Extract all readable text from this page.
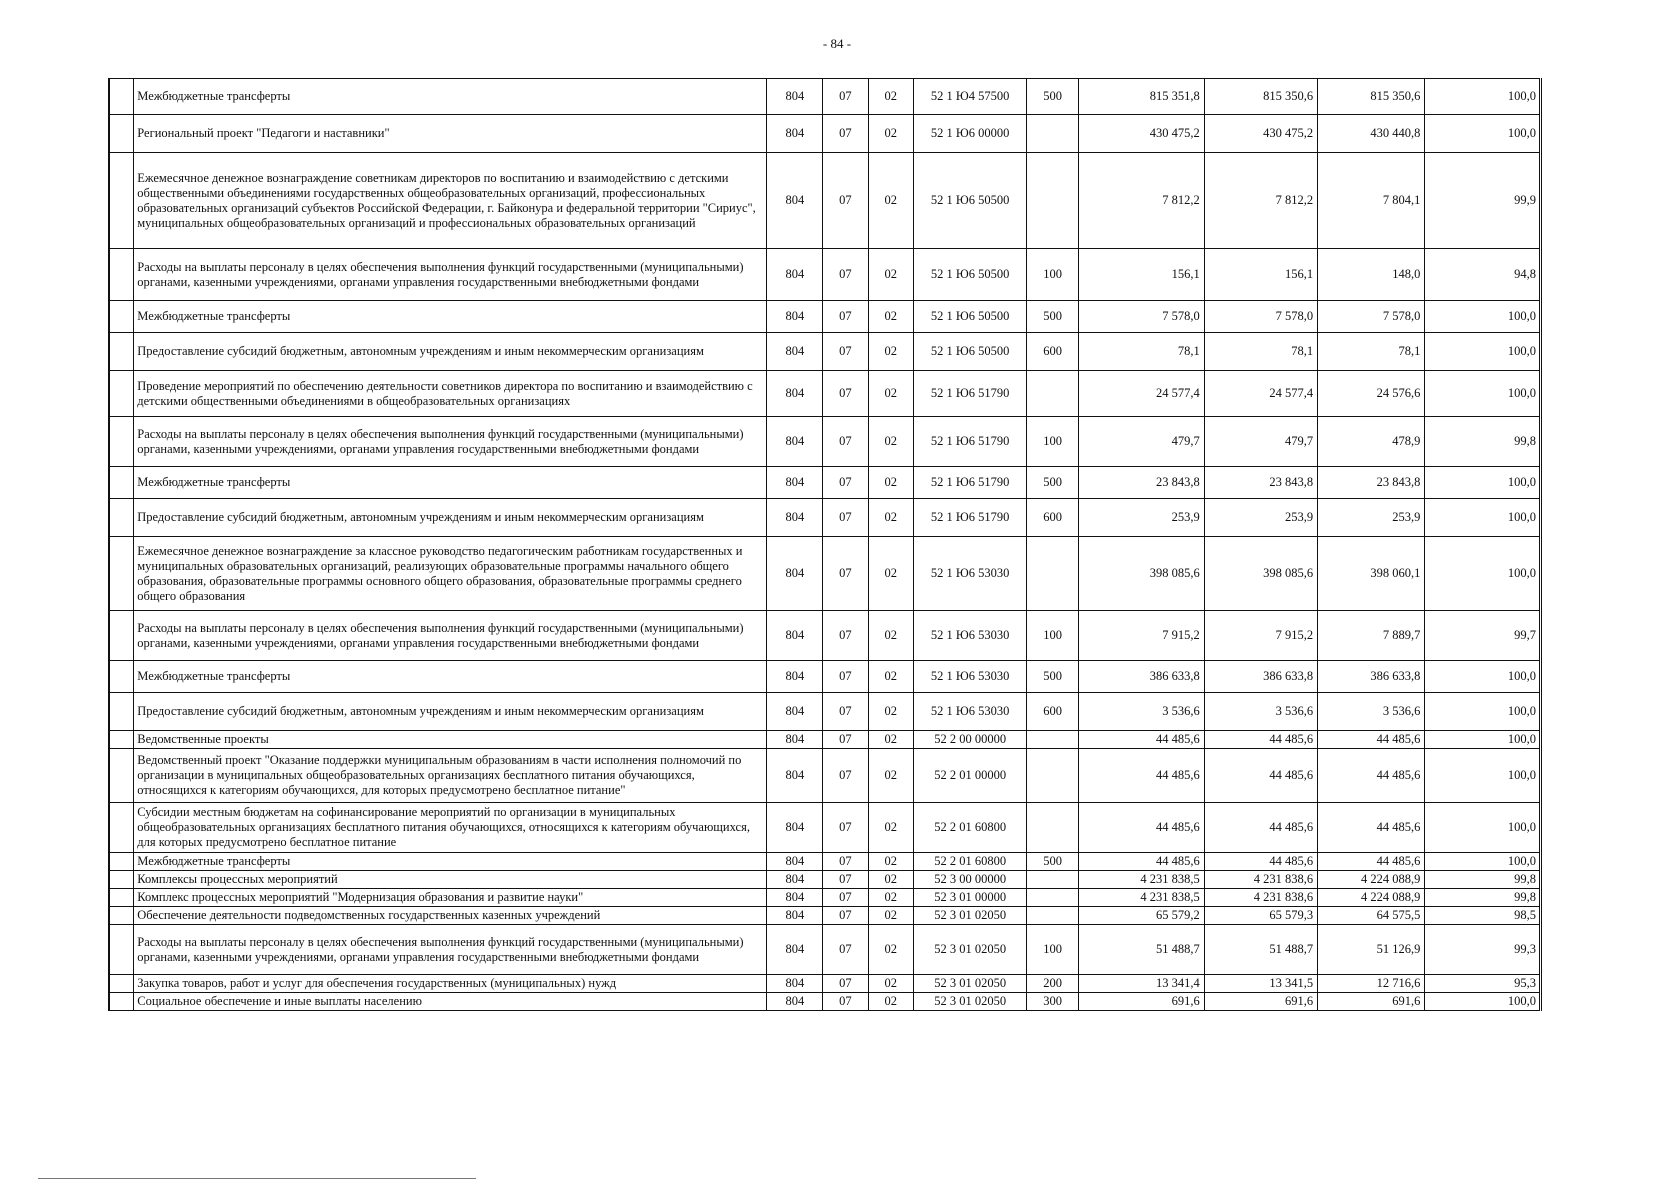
- 84 -
	Межбюджетные трансферты	804	07	02	52 1 Ю4 57500	500	815 351,8	815 350,6	815 350,6	100,0
	Региональный проект "Педагоги и наставники"	804	07	02	52 1 Ю6 00000		430 475,2	430 475,2	430 440,8	100,0
	Ежемесячное денежное вознаграждение советникам директоров по воспитанию и взаимодействию с детскими общественными объединениями государственных общеобразовательных организаций, профессиональных образовательных организаций субъектов Российской Федерации, г. Байконура и федеральной территории "Сириус", муниципальных общеобразовательных организаций и профессиональных образовательных организаций	804	07	02	52 1 Ю6 50500		7 812,2	7 812,2	7 804,1	99,9
	Расходы на выплаты персоналу в целях обеспечения выполнения функций государственными (муниципальными) органами, казенными учреждениями, органами управления государственными внебюджетными фондами	804	07	02	52 1 Ю6 50500	100	156,1	156,1	148,0	94,8
	Межбюджетные трансферты	804	07	02	52 1 Ю6 50500	500	7 578,0	7 578,0	7 578,0	100,0
	Предоставление субсидий бюджетным, автономным учреждениям и иным некоммерческим организациям	804	07	02	52 1 Ю6 50500	600	78,1	78,1	78,1	100,0
	Проведение мероприятий по обеспечению деятельности советников директора по воспитанию и взаимодействию с детскими общественными объединениями в общеобразовательных организациях	804	07	02	52 1 Ю6 51790		24 577,4	24 577,4	24 576,6	100,0
	Расходы на выплаты персоналу в целях обеспечения выполнения функций государственными (муниципальными) органами, казенными учреждениями, органами управления государственными внебюджетными фондами	804	07	02	52 1 Ю6 51790	100	479,7	479,7	478,9	99,8
	Межбюджетные трансферты	804	07	02	52 1 Ю6 51790	500	23 843,8	23 843,8	23 843,8	100,0
	Предоставление субсидий бюджетным, автономным учреждениям и иным некоммерческим организациям	804	07	02	52 1 Ю6 51790	600	253,9	253,9	253,9	100,0
	Ежемесячное денежное вознаграждение за классное руководство педагогическим работникам государственных и муниципальных образовательных организаций, реализующих образовательные программы начального общего образования, образовательные программы основного общего образования, образовательные программы среднего общего образования	804	07	02	52 1 Ю6 53030		398 085,6	398 085,6	398 060,1	100,0
	Расходы на выплаты персоналу в целях обеспечения выполнения функций государственными (муниципальными) органами, казенными учреждениями, органами управления государственными внебюджетными фондами	804	07	02	52 1 Ю6 53030	100	7 915,2	7 915,2	7 889,7	99,7
	Межбюджетные трансферты	804	07	02	52 1 Ю6 53030	500	386 633,8	386 633,8	386 633,8	100,0
	Предоставление субсидий бюджетным, автономным учреждениям и иным некоммерческим организациям	804	07	02	52 1 Ю6 53030	600	3 536,6	3 536,6	3 536,6	100,0
	Ведомственные проекты	804	07	02	52 2 00 00000		44 485,6	44 485,6	44 485,6	100,0
	Ведомственный проект "Оказание поддержки муниципальным образованиям в части исполнения полномочий по организации в муниципальных общеобразовательных организациях бесплатного питания обучающихся, относящихся к категориям обучающихся, для которых предусмотрено бесплатное питание"	804	07	02	52 2 01 00000		44 485,6	44 485,6	44 485,6	100,0
	Субсидии местным бюджетам на софинансирование мероприятий по организации в муниципальных общеобразовательных организациях бесплатного питания обучающихся, относящихся к категориям обучающихся, для которых предусмотрено бесплатное питание	804	07	02	52 2 01 60800		44 485,6	44 485,6	44 485,6	100,0
	Межбюджетные трансферты	804	07	02	52 2 01 60800	500	44 485,6	44 485,6	44 485,6	100,0
	Комплексы процессных мероприятий	804	07	02	52 3 00 00000		4 231 838,5	4 231 838,6	4 224 088,9	99,8
	Комплекс процессных мероприятий "Модернизация образования и развитие науки"	804	07	02	52 3 01 00000		4 231 838,5	4 231 838,6	4 224 088,9	99,8
	Обеспечение деятельности подведомственных государственных казенных учреждений	804	07	02	52 3 01 02050		65 579,2	65 579,3	64 575,5	98,5
	Расходы на выплаты персоналу в целях обеспечения выполнения функций государственными (муниципальными) органами, казенными учреждениями, органами управления государственными внебюджетными фондами	804	07	02	52 3 01 02050	100	51 488,7	51 488,7	51 126,9	99,3
	Закупка товаров, работ и услуг для обеспечения государственных (муниципальных) нужд	804	07	02	52 3 01 02050	200	13 341,4	13 341,5	12 716,6	95,3
	Социальное обеспечение и иные выплаты населению	804	07	02	52 3 01 02050	300	691,6	691,6	691,6	100,0
